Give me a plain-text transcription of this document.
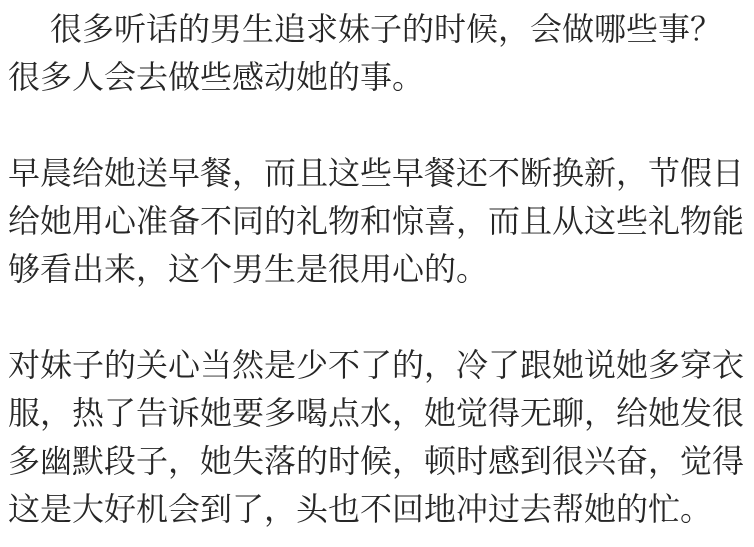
很多听话的男生追求妹子的时候，会做哪些事？很多人会去做些感动她的事。

早晨给她送早餐，而且这些早餐还不断换新，节假日给她用心准备不同的礼物和惊喜，而且从这些礼物能够看出来，这个男生是很用心的。

对妹子的关心当然是少不了的，冷了跟她说她多穿衣服，热了告诉她要多喝点水，她觉得无聊，给她发很多幽默段子，她失落的时候，顿时感到很兴奋，觉得这是大好机会到了，头也不回地冲过去帮她的忙。
